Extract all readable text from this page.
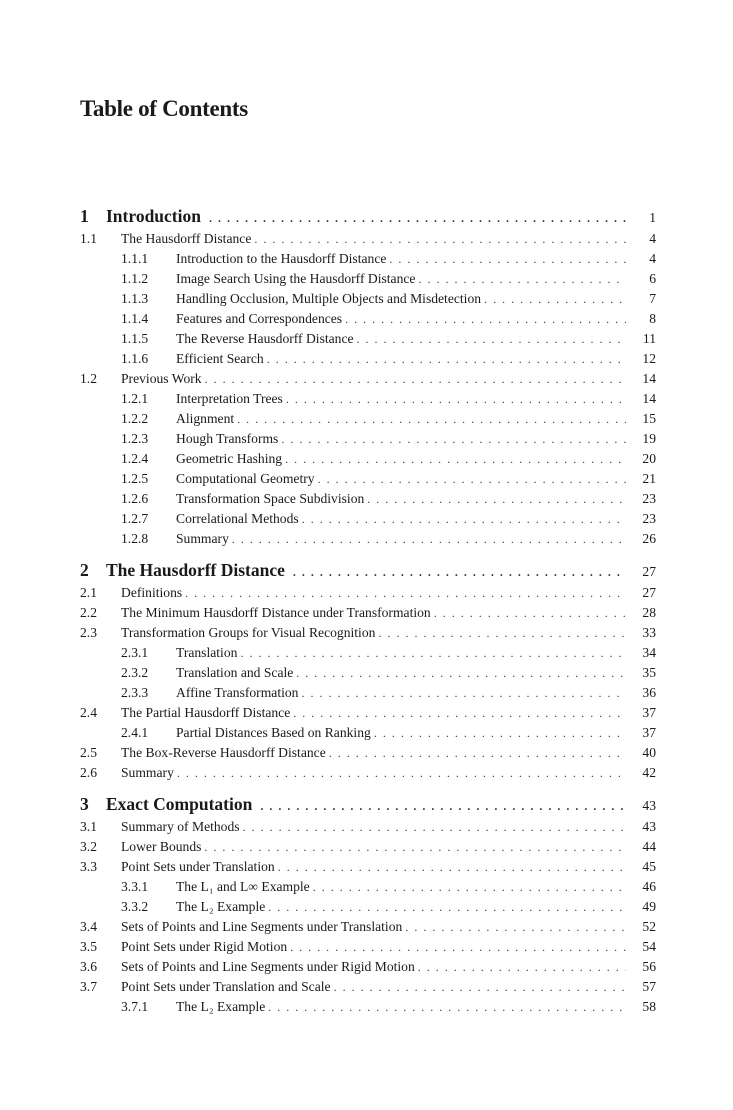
Table of Contents
1 Introduction . . .	1
1.1	The Hausdorff Distance . . .	4
1.1.1	Introduction to the Hausdorff Distance . . .	4
1.1.2	Image Search Using the Hausdorff Distance . . .	6
1.1.3	Handling Occlusion, Multiple Objects and Misdetection . . .	7
1.1.4	Features and Correspondences . . .	8
1.1.5	The Reverse Hausdorff Distance . . .	11
1.1.6	Efficient Search . . .	12
1.2	Previous Work . . .	14
1.2.1	Interpretation Trees . . .	14
1.2.2	Alignment . . .	15
1.2.3	Hough Transforms . . .	19
1.2.4	Geometric Hashing . . .	20
1.2.5	Computational Geometry . . .	21
1.2.6	Transformation Space Subdivision . . .	23
1.2.7	Correlational Methods . . .	23
1.2.8	Summary . . .	26
2 The Hausdorff Distance . . .	27
2.1	Definitions . . .	27
2.2	The Minimum Hausdorff Distance under Transformation . . .	28
2.3	Transformation Groups for Visual Recognition . . .	33
2.3.1	Translation . . .	34
2.3.2	Translation and Scale . . .	35
2.3.3	Affine Transformation . . .	36
2.4	The Partial Hausdorff Distance . . .	37
2.4.1	Partial Distances Based on Ranking . . .	37
2.5	The Box-Reverse Hausdorff Distance . . .	40
2.6	Summary . . .	42
3 Exact Computation . . .	43
3.1	Summary of Methods . . .	43
3.2	Lower Bounds . . .	44
3.3	Point Sets under Translation . . .	45
3.3.1	The L₁ and L∞ Example . . .	46
3.3.2	The L₂ Example . . .	49
3.4	Sets of Points and Line Segments under Translation . . .	52
3.5	Point Sets under Rigid Motion . . .	54
3.6	Sets of Points and Line Segments under Rigid Motion . . .	56
3.7	Point Sets under Translation and Scale . . .	57
3.7.1	The L₂ Example . . .	58
